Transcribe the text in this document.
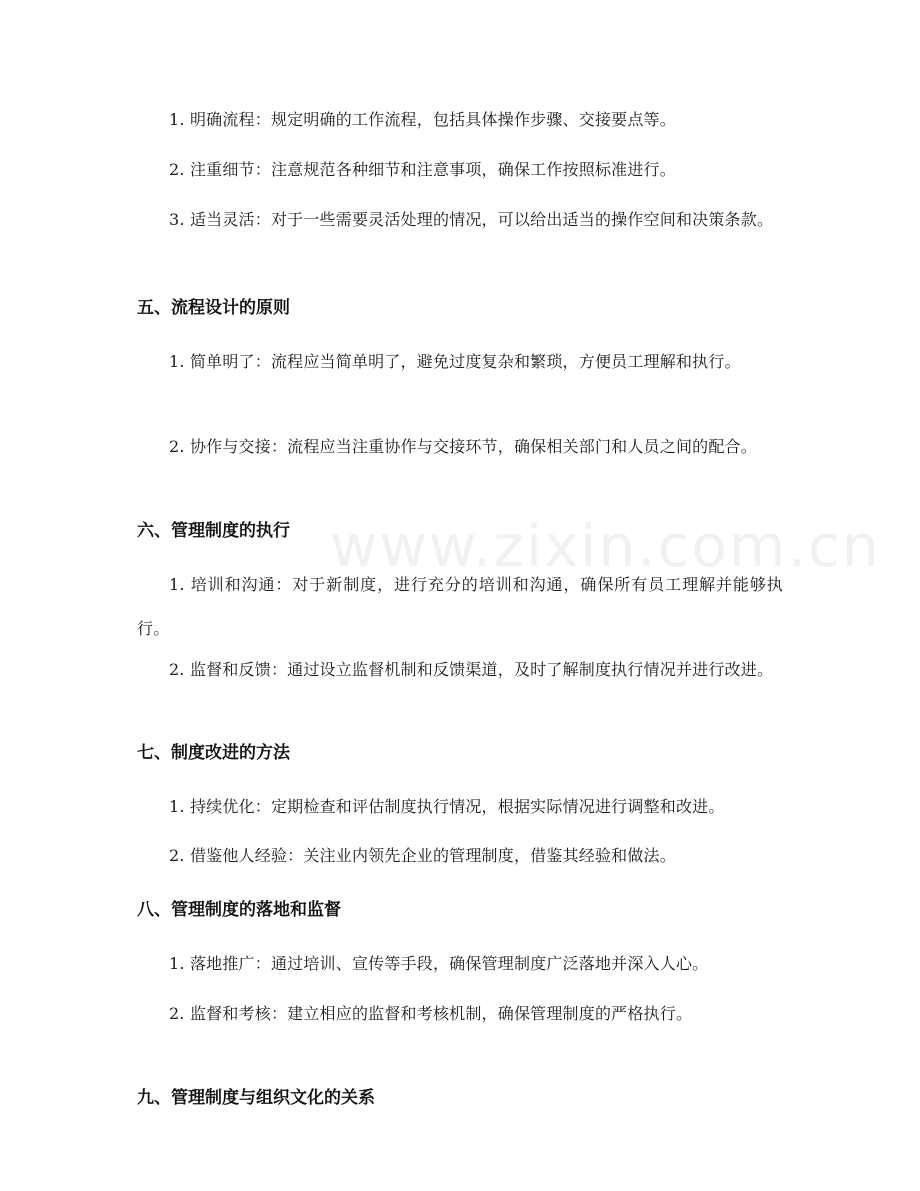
www.zixin.com.cn

1. 明确流程：规定明确的工作流程，包括具体操作步骤、交接要点等。

2. 注重细节：注意规范各种细节和注意事项，确保工作按照标准进行。

3. 适当灵活：对于一些需要灵活处理的情况，可以给出适当的操作空间和决策条款。

五、流程设计的原则

1. 简单明了：流程应当简单明了，避免过度复杂和繁琐，方便员工理解和执行。

2. 协作与交接：流程应当注重协作与交接环节，确保相关部门和人员之间的配合。

六、管理制度的执行

1. 培训和沟通：对于新制度，进行充分的培训和沟通，确保所有员工理解并能够执行。

2. 监督和反馈：通过设立监督机制和反馈渠道，及时了解制度执行情况并进行改进。

七、制度改进的方法

1. 持续优化：定期检查和评估制度执行情况，根据实际情况进行调整和改进。

2. 借鉴他人经验：关注业内领先企业的管理制度，借鉴其经验和做法。

八、管理制度的落地和监督

1. 落地推广：通过培训、宣传等手段，确保管理制度广泛落地并深入人心。

2. 监督和考核：建立相应的监督和考核机制，确保管理制度的严格执行。

九、管理制度与组织文化的关系
